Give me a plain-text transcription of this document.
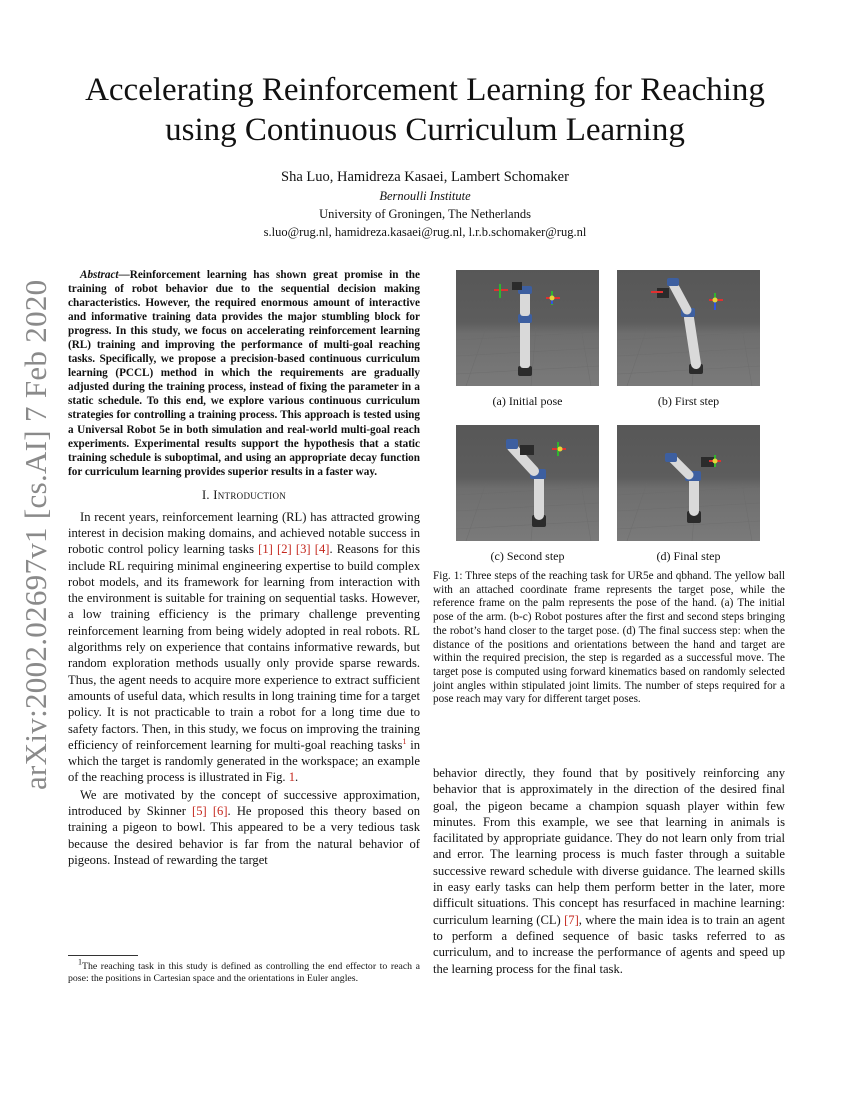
arXiv:2002.02697v1 [cs.AI] 7 Feb 2020
Accelerating Reinforcement Learning for Reaching using Continuous Curriculum Learning
Sha Luo, Hamidreza Kasaei, Lambert Schomaker
Bernoulli Institute
University of Groningen, The Netherlands
s.luo@rug.nl, hamidreza.kasaei@rug.nl, l.r.b.schomaker@rug.nl

Abstract—Reinforcement learning has shown great promise in the training of robot behavior due to the sequential decision making characteristics. However, the required enormous amount of interactive and informative training data provides the major stumbling block for progress. In this study, we focus on accelerating reinforcement learning (RL) training and improving the performance of multi-goal reaching tasks. Specifically, we propose a precision-based continuous curriculum learning (PCCL) method in which the requirements are gradually adjusted during the training process, instead of fixing the parameter in a static schedule. To this end, we explore various continuous curriculum strategies for controlling a training process. This approach is tested using a Universal Robot 5e in both simulation and real-world multi-goal reach experiments. Experimental results support the hypothesis that a static training schedule is suboptimal, and using an appropriate decay function for curriculum learning provides superior results in a faster way.

I. Introduction

In recent years, reinforcement learning (RL) has attracted growing interest in decision making domains, and achieved notable success in robotic control policy learning tasks [1] [2] [3] [4]. Reasons for this include RL requiring minimal engineering expertise to build complex robot models, and its framework for learning from interaction with the environment is suitable for training on sequential tasks. However, a low training efficiency is the primary challenge preventing reinforcement learning from being widely adopted in real robots. RL algorithms rely on experience that contains informative rewards, but random exploration methods usually only provide sparse rewards. Thus, the agent needs to acquire more experience to extract sufficient amounts of useful data, which results in long training time for a target policy. It is not practicable to train a robot for a long time due to safety factors. Then, in this study, we focus on improving the training efficiency of reinforcement learning for multi-goal reaching tasks$^1$ in which the target is randomly generated in the workspace; an example of the reaching process is illustrated in Fig. 1.

We are motivated by the concept of successive approximation, introduced by Skinner [5] [6]. He proposed this theory based on training a pigeon to bowl. This appeared to be a very tedious task because the desired behavior is far from the natural behavior of pigeons. Instead of rewarding the target

$^1$The reaching task in this study is defined as controlling the end effector to reach a pose: the positions in Cartesian space and the orientations in Euler angles.
(a) Initial pose	(b) First step
(c) Second step	(d) Final step
Fig. 1: Three steps of the reaching task for UR5e and qbhand. The yellow ball with an attached coordinate frame represents the target pose, while the reference frame on the palm represents the pose of the hand. (a) The initial pose of the arm. (b-c) Robot postures after the first and second steps bringing the robot’s hand closer to the target pose. (d) The final success step: when the distance of the positions and orientations between the hand and target are within the required precision, the step is regarded as a successful move. The target pose is computed using forward kinematics based on randomly selected joint angles within stipulated joint limits. The number of steps required for a pose reach may vary for different target poses.

behavior directly, they found that by positively reinforcing any behavior that is approximately in the direction of the desired final goal, the pigeon became a champion squash player within few minutes. From this example, we see that learning in animals is facilitated by appropriate guidance. They do not learn only from trial and error. The learning process is much faster through a suitable successive reward schedule with diverse guidance. The learned skills in easy early tasks can help them perform better in the later, more difficult situations. This concept has resurfaced in machine learning: curriculum learning (CL) [7], where the main idea is to train an agent to perform a defined sequence of basic tasks referred to as curriculum, and to increase the performance of agents and speed up the learning process for the final task.
